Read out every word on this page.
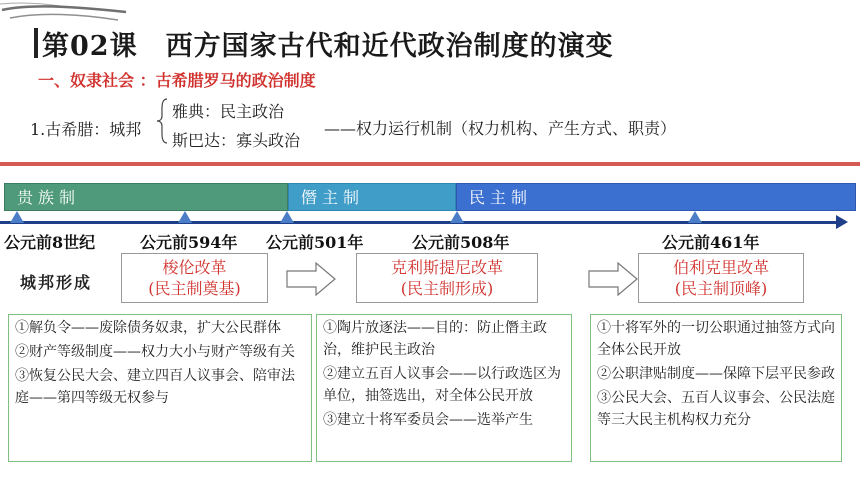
第02课　西方国家古代和近代政治制度的演变
一、奴隶社会 ：古希腊罗马的政治制度
1.古希腊：城邦
雅典：民主政治
斯巴达：寡头政治
——权力运行机制（权力机构、产生方式、职责）
贵族制	僭主制	民主制
公元前8世纪	公元前594年 公元前501年	公元前508年	公元前461年
城邦形成
梭伦改革
(民主制奠基)
克利斯提尼改革
(民主制形成)
伯利克里改革
(民主制顶峰)

①解负令——废除债务奴隶，扩大公民群体

②财产等级制度——权力大小与财产等级有关

③恢复公民大会、建立四百人议事会、陪审法庭——第四等级无权参与

①陶片放逐法——目的：防止僭主政治，维护民主政治

②建立五百人议事会——以行政选区为单位，抽签选出，对全体公民开放

③建立十将军委员会——选举产生

①十将军外的一切公职通过抽签方式向全体公民开放

②公职津贴制度——保障下层平民参政

③公民大会、五百人议事会、公民法庭等三大民主机构权力充分
